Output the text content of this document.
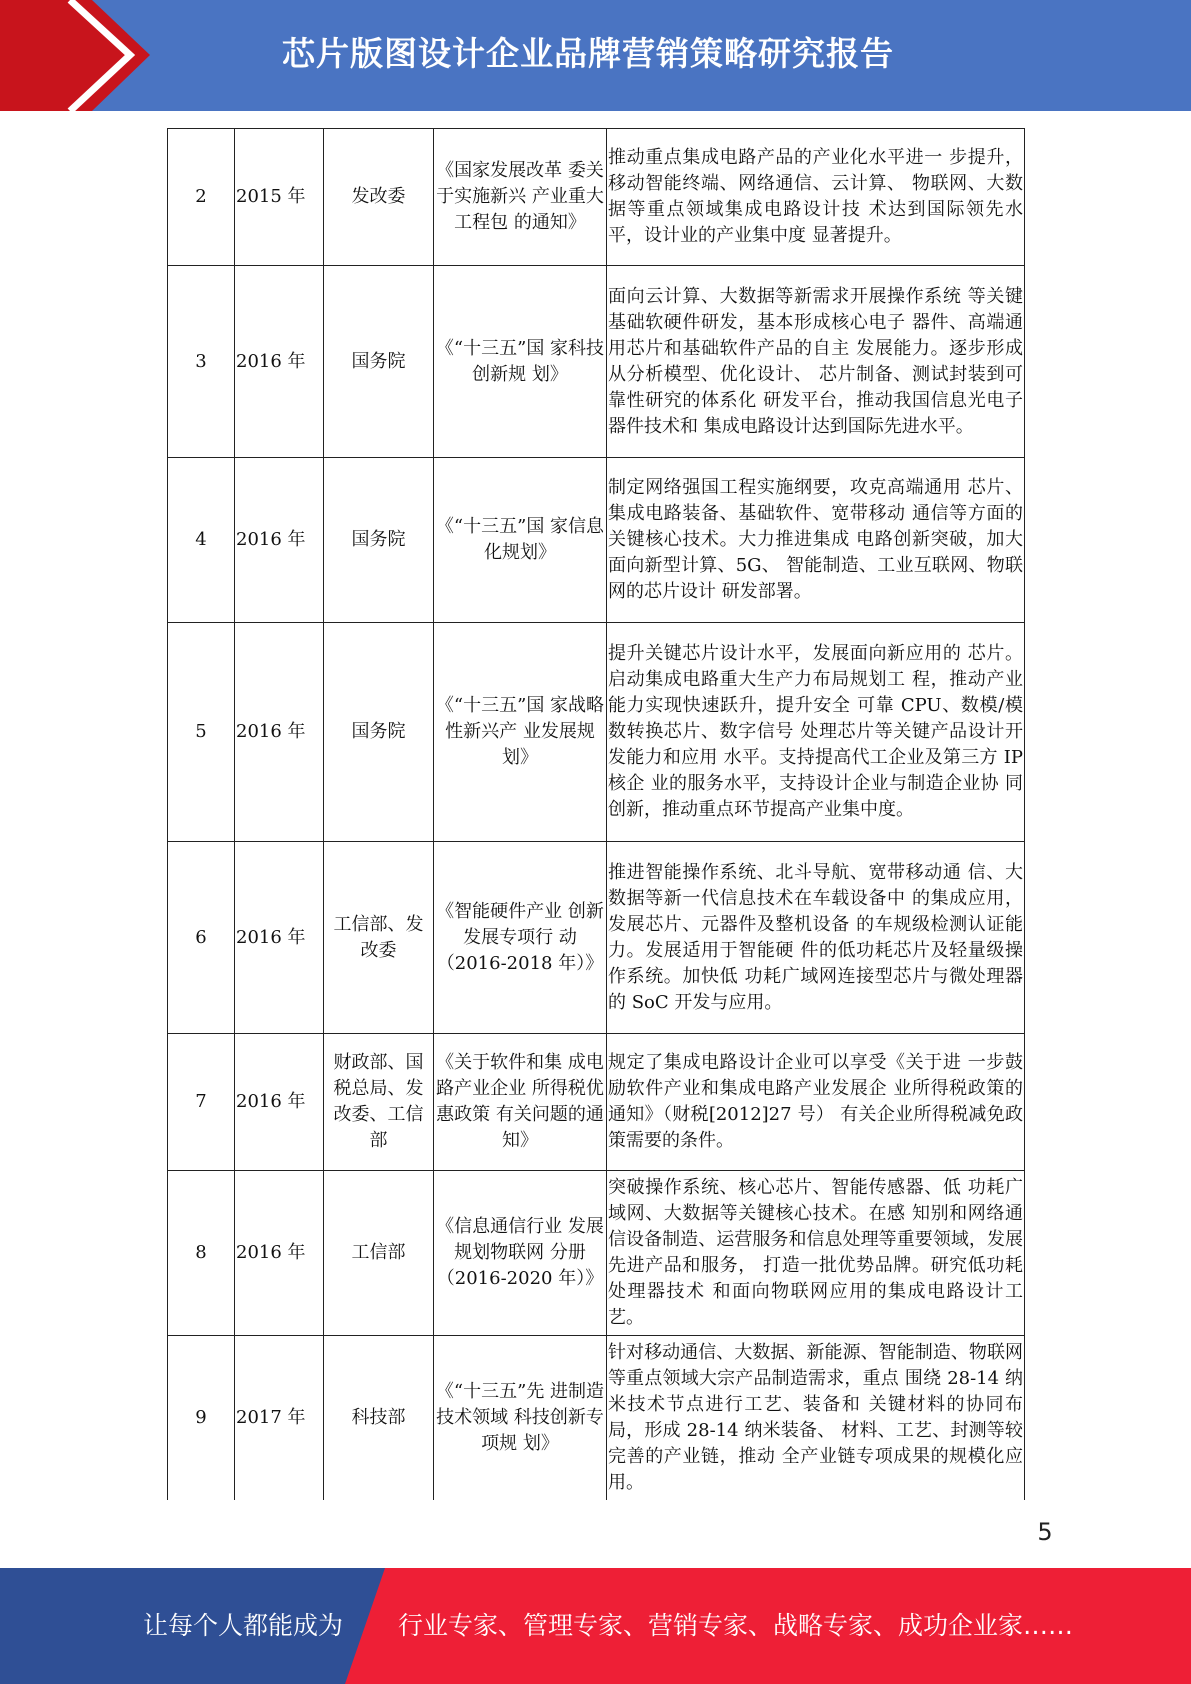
芯片版图设计企业品牌营销策略研究报告
2	2015 年	发改委	《国家发展改革 委关于实施新兴 产业重大工程包 的通知》	推动重点集成电路产品的产业化水平进一 步提升，移动智能终端、网络通信、云计算、 物联网、大数据等重点领域集成电路设计技 术达到国际领先水平，设计业的产业集中度 显著提升。
3	2016 年	国务院	《“十三五”国 家科技创新规 划》	面向云计算、大数据等新需求开展操作系统 等关键基础软硬件研发，基本形成核心电子 器件、高端通用芯片和基础软件产品的自主 发展能力。逐步形成从分析模型、优化设计、 芯片制备、测试封装到可靠性研究的体系化 研发平台，推动我国信息光电子器件技术和 集成电路设计达到国际先进水平。
4	2016 年	国务院	《“十三五”国 家信息化规划》	制定网络强国工程实施纲要，攻克高端通用 芯片、集成电路装备、基础软件、宽带移动 通信等方面的关键核心技术。大力推进集成 电路创新突破，加大面向新型计算、5G、 智能制造、工业互联网、物联网的芯片设计 研发部署。
5	2016 年	国务院	《“十三五”国 家战略性新兴产 业发展规划》	提升关键芯片设计水平，发展面向新应用的 芯片。启动集成电路重大生产力布局规划工 程，推动产业能力实现快速跃升，提升安全 可靠 CPU、数模/模数转换芯片、数字信号 处理芯片等关键产品设计开发能力和应用 水平。支持提高代工企业及第三方 IP 核企 业的服务水平，支持设计企业与制造企业协 同创新，推动重点环节提高产业集中度。
6	2016 年	工信部、发改委	《智能硬件产业 创新发展专项行 动（2016-2018 年）》	推进智能操作系统、北斗导航、宽带移动通 信、大数据等新一代信息技术在车载设备中 的集成应用，发展芯片、元器件及整机设备 的车规级检测认证能力。发展适用于智能硬 件的低功耗芯片及轻量级操作系统。加快低 功耗广域网连接型芯片与微处理器的 SoC 开发与应用。
7	2016 年	财政部、国税总局、发改委、工信部	《关于软件和集 成电路产业企业 所得税优惠政策 有关问题的通 知》	规定了集成电路设计企业可以享受《关于进 一步鼓励软件产业和集成电路产业发展企 业所得税政策的通知》（财税[2012]27 号） 有关企业所得税减免政策需要的条件。
8	2016 年	工信部	《信息通信行业 发展规划物联网 分册（2016-2020 年）》	突破操作系统、核心芯片、智能传感器、低 功耗广域网、大数据等关键核心技术。在感 知别和网络通信设备制造、运营服务和信息处理等重要领域，发展先进产品和服务， 打造一批优势品牌。研究低功耗处理器技术 和面向物联网应用的集成电路设计工艺。
9	2017 年	科技部	《“十三五”先 进制造技术领域 科技创新专项规 划》	针对移动通信、大数据、新能源、智能制造、物联网等重点领域大宗产品制造需求，重点 围绕 28-14 纳米技术节点进行工艺、装备和 关键材料的协同布局，形成 28-14 纳米装备、 材料、工艺、封测等较完善的产业链，推动 全产业链专项成果的规模化应用。
5
让每个人都能成为 行业专家、管理专家、营销专家、战略专家、成功企业家……
